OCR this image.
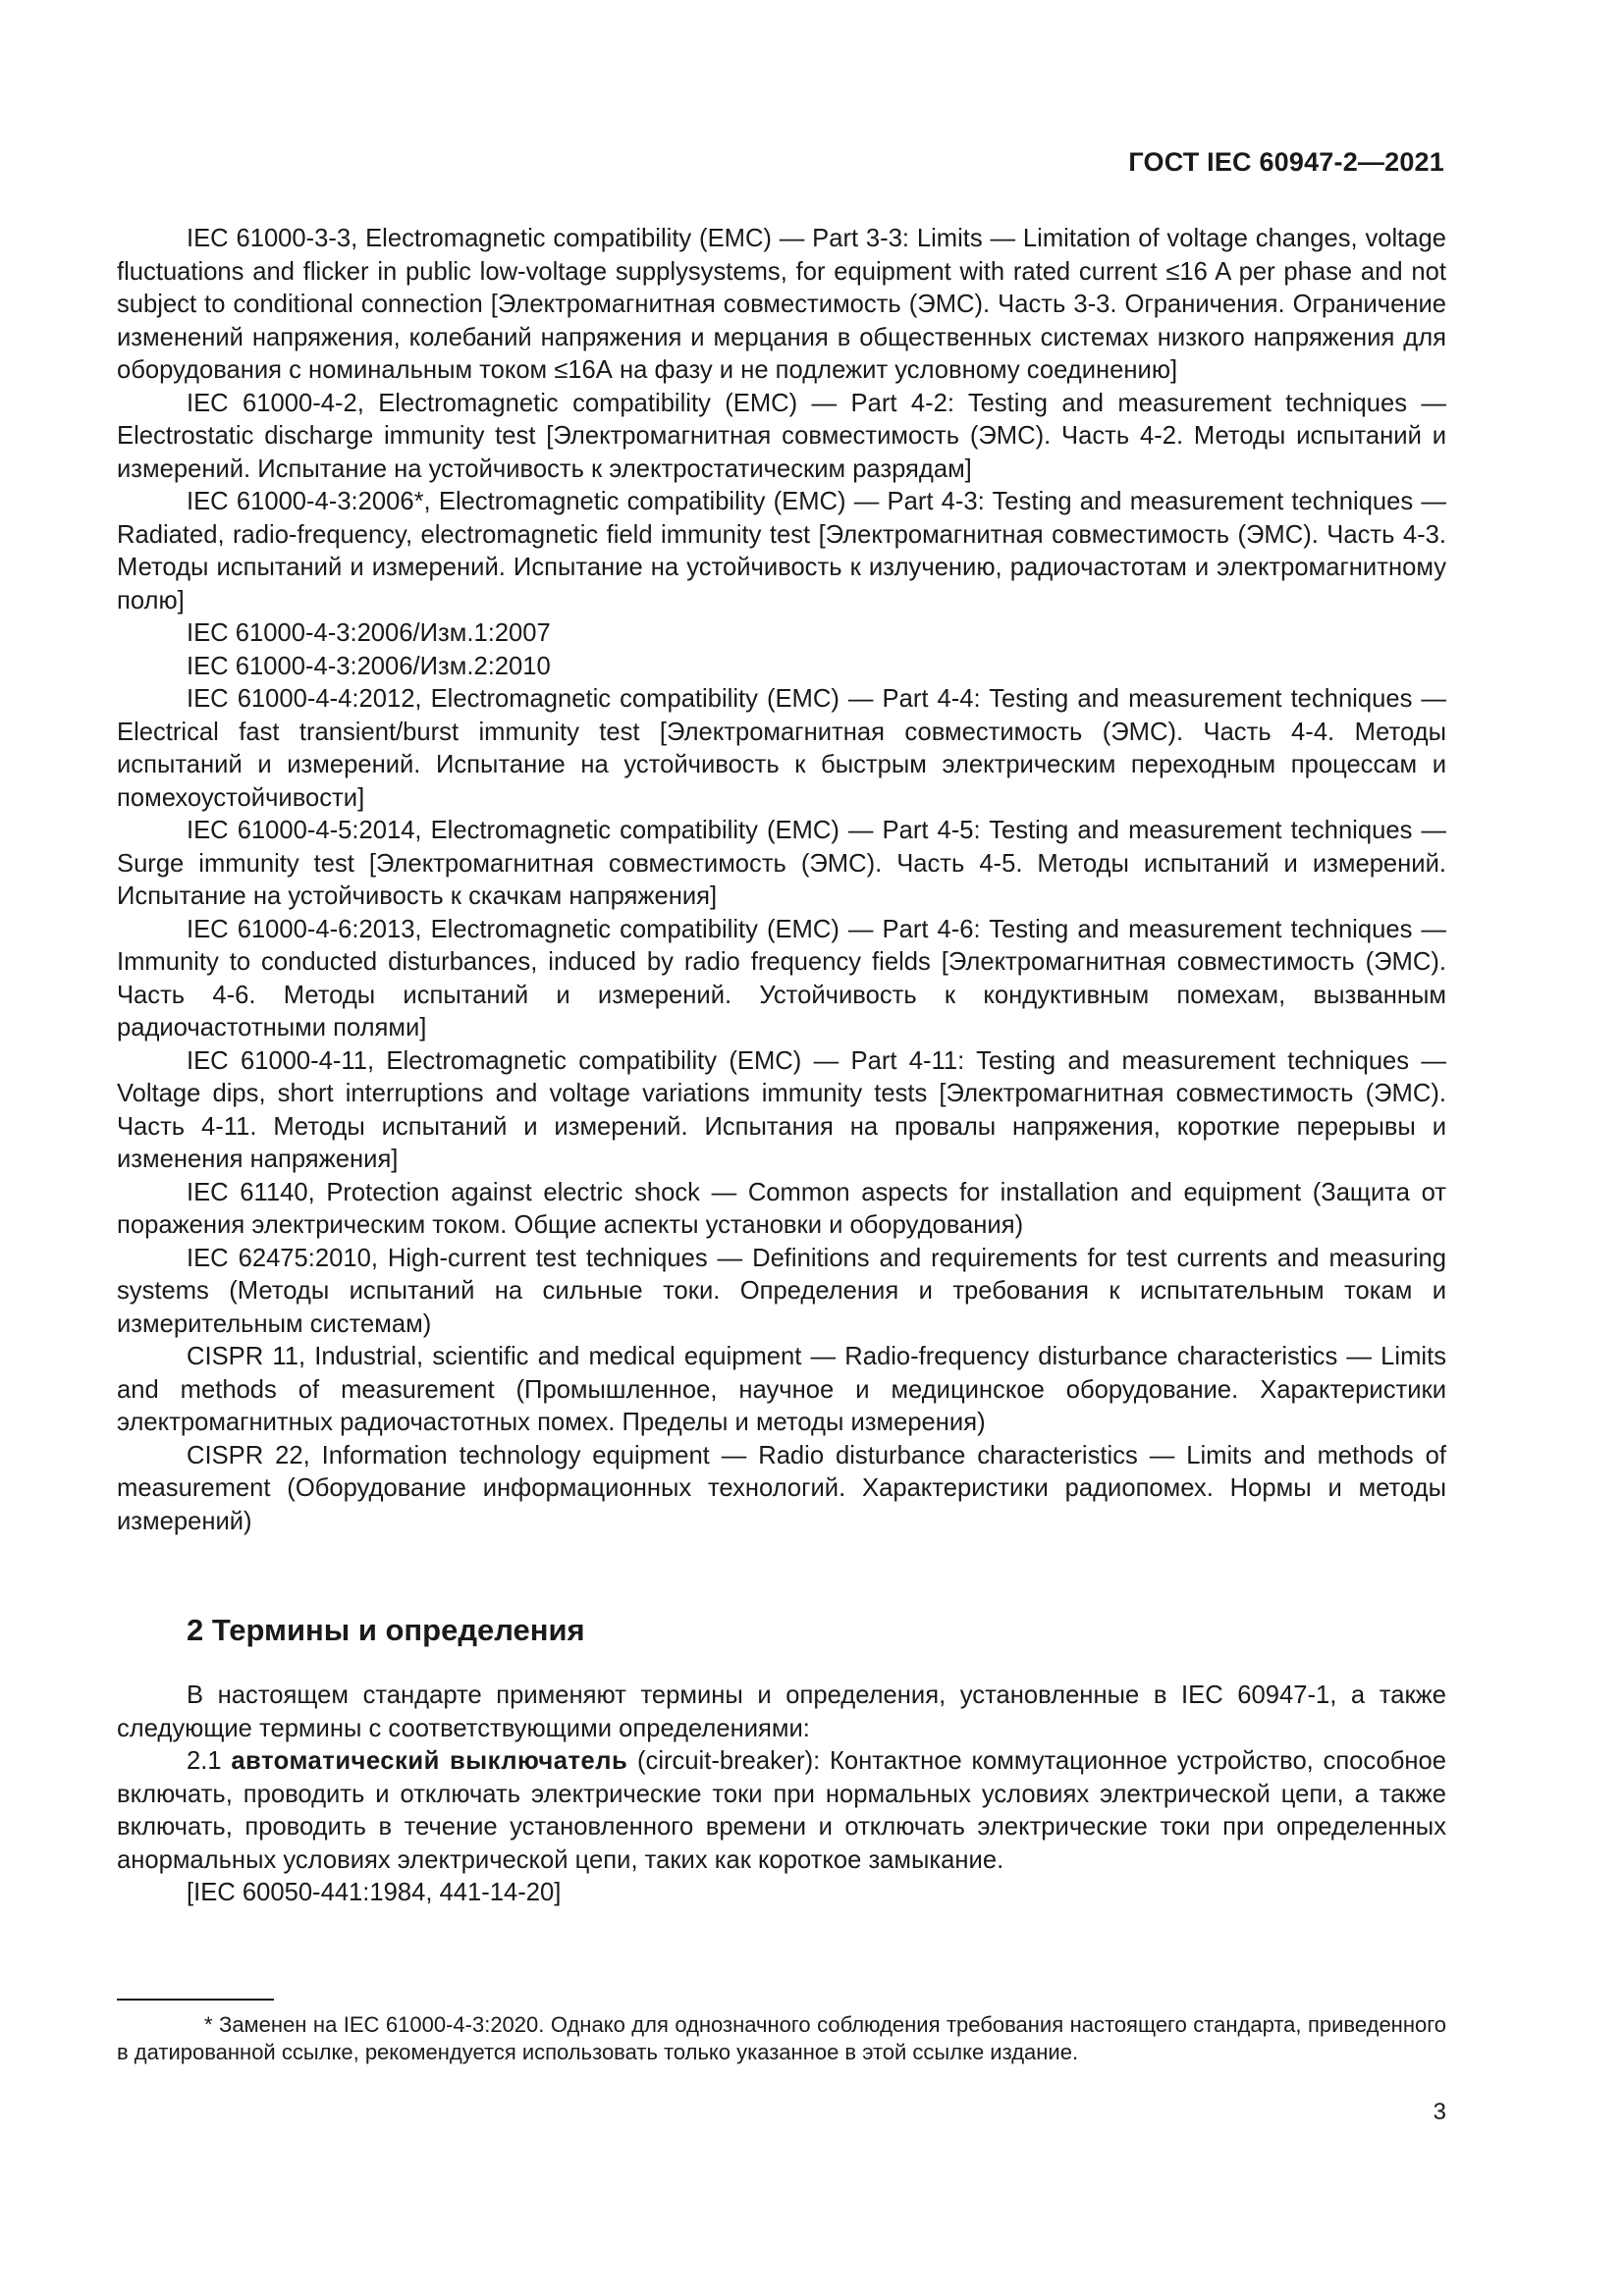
ГОСТ IEC 60947-2—2021

IEC 61000-3-3, Electromagnetic compatibility (EMC) — Part 3-3: Limits — Limitation of voltage changes, voltage fluctuations and flicker in public low-voltage supplysystems, for equipment with rated current ≤16 A per phase and not subject to conditional connection [Электромагнитная совместимость (ЭМС). Часть 3-3. Ограничения. Ограничение изменений напряжения, колебаний напряжения и мерцания в общественных системах низкого напряжения для оборудования с номинальным током ≤16А на фазу и не подлежит условному соединению]

IEC 61000-4-2, Electromagnetic compatibility (EMC) — Part 4-2: Testing and measurement techniques — Electrostatic discharge immunity test [Электромагнитная совместимость (ЭМС). Часть 4-2. Методы испытаний и измерений. Испытание на устойчивость к электростатическим разрядам]

IEC 61000-4-3:2006*, Electromagnetic compatibility (EMC) — Part 4-3: Testing and measurement techniques — Radiated, radio-frequency, electromagnetic field immunity test [Электромагнитная совместимость (ЭМС). Часть 4-3. Методы испытаний и измерений. Испытание на устойчивость к излучению, радиочастотам и электромагнитному полю]

IEC 61000-4-3:2006/Изм.1:2007

IEC 61000-4-3:2006/Изм.2:2010

IEC 61000-4-4:2012, Electromagnetic compatibility (EMC) — Part 4-4: Testing and measurement techniques — Electrical fast transient/burst immunity test [Электромагнитная совместимость (ЭМС). Часть 4-4. Методы испытаний и измерений. Испытание на устойчивость к быстрым электрическим переходным процессам и помехоустойчивости]

IEC 61000-4-5:2014, Electromagnetic compatibility (EMC) — Part 4-5: Testing and measurement techniques — Surge immunity test [Электромагнитная совместимость (ЭМС). Часть 4-5. Методы испытаний и измерений. Испытание на устойчивость к скачкам напряжения]

IEC 61000-4-6:2013, Electromagnetic compatibility (EMC) — Part 4-6: Testing and measurement techniques — Immunity to conducted disturbances, induced by radio frequency fields [Электромагнитная совместимость (ЭМС). Часть 4-6. Методы испытаний и измерений. Устойчивость к кондуктивным помехам, вызванным радиочастотными полями]

IEC 61000-4-11, Electromagnetic compatibility (EMC) — Part 4-11: Testing and measurement techniques — Voltage dips, short interruptions and voltage variations immunity tests [Электромагнитная совместимость (ЭМС). Часть 4-11. Методы испытаний и измерений. Испытания на провалы напряжения, короткие перерывы и изменения напряжения]

IEC 61140, Protection against electric shock — Common aspects for installation and equipment (Защита от поражения электрическим током. Общие аспекты установки и оборудования)

IEC 62475:2010, High-current test techniques — Definitions and requirements for test currents and measuring systems (Методы испытаний на сильные токи. Определения и требования к испытательным токам и измерительным системам)

CISPR 11, Industrial, scientific and medical equipment — Radio-frequency disturbance characteristics — Limits and methods of measurement (Промышленное, научное и медицинское оборудование. Характеристики электромагнитных радиочастотных помех. Пределы и методы измерения)

CISPR 22, Information technology equipment — Radio disturbance characteristics — Limits and methods of measurement (Оборудование информационных технологий. Характеристики радиопомех. Нормы и методы измерений)

2 Термины и определения

В настоящем стандарте применяют термины и определения, установленные в IEC 60947-1, а также следующие термины с соответствующими определениями:

2.1 автоматический выключатель (circuit-breaker): Контактное коммутационное устройство, способное включать, проводить и отключать электрические токи при нормальных условиях электрической цепи, а также включать, проводить в течение установленного времени и отключать электрические токи при определенных анормальных условиях электрической цепи, таких как короткое замыкание.

[IEC 60050-441:1984, 441-14-20]

* Заменен на IEC 61000-4-3:2020. Однако для однозначного соблюдения требования настоящего стандарта, приведенного в датированной ссылке, рекомендуется использовать только указанное в этой ссылке издание.

3
